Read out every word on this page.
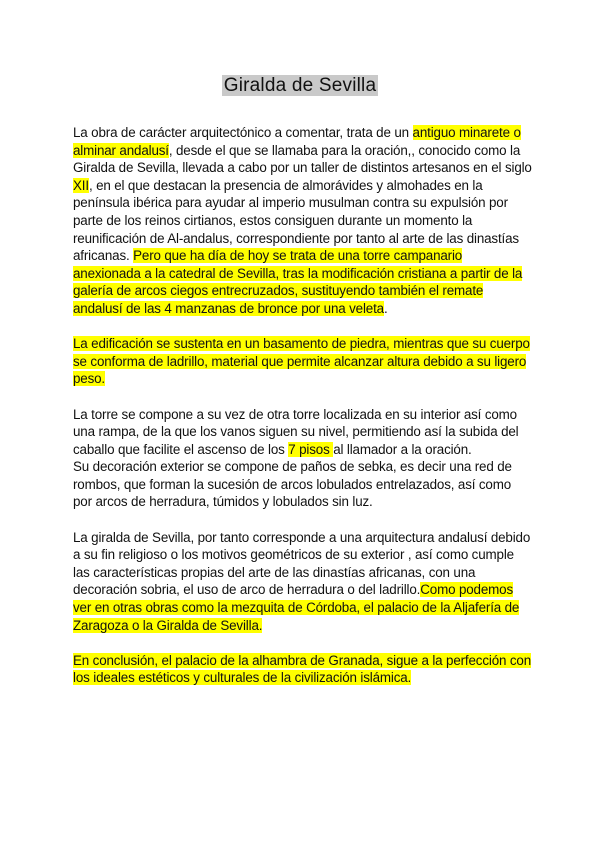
Giralda de Sevilla

La obra de carácter arquitectónico a comentar, trata de un antiguo minarete o alminar andalusí, desde el que se llamaba para la oración,, conocido como la Giralda de Sevilla, llevada a cabo por un taller de distintos artesanos en el siglo XII, en el que destacan la presencia de almorávides y almohades en la península ibérica para ayudar al imperio musulman contra su expulsión por parte de los reinos cirtianos, estos consiguen durante un momento la reunificación de Al-andalus, correspondiente por tanto al arte de las dinastías africanas. Pero que ha día de hoy se trata de una torre campanario anexionada a la catedral de Sevilla, tras la modificación cristiana a partir de la galería de arcos ciegos entrecruzados, sustituyendo también el remate andalusí de las 4 manzanas de bronce por una veleta.

La edificación se sustenta en un basamento de piedra, mientras que su cuerpo se conforma de ladrillo, material que permite alcanzar altura debido a su ligero peso.

La torre se compone a su vez de otra torre localizada en su interior así como una rampa, de la que los vanos siguen su nivel, permitiendo así la subida del caballo que facilite el ascenso de los 7 pisos al llamador a la oración.
Su decoración exterior se compone de paños de sebka, es decir una red de rombos, que forman la sucesión de arcos lobulados entrelazados, así como por arcos de herradura, túmidos y lobulados sin luz.

La giralda de Sevilla, por tanto corresponde a una arquitectura andalusí debido a su fin religioso o los motivos geométricos de su exterior , así como cumple las características propias del arte de las dinastías africanas, con una decoración sobria, el uso de arco de herradura o del ladrillo.Como podemos ver en otras obras como la mezquita de Córdoba, el palacio de la Aljafería de Zaragoza o la Giralda de Sevilla.

En conclusión, el palacio de la alhambra de Granada, sigue a la perfección con los ideales estéticos y culturales de la civilización islámica.
